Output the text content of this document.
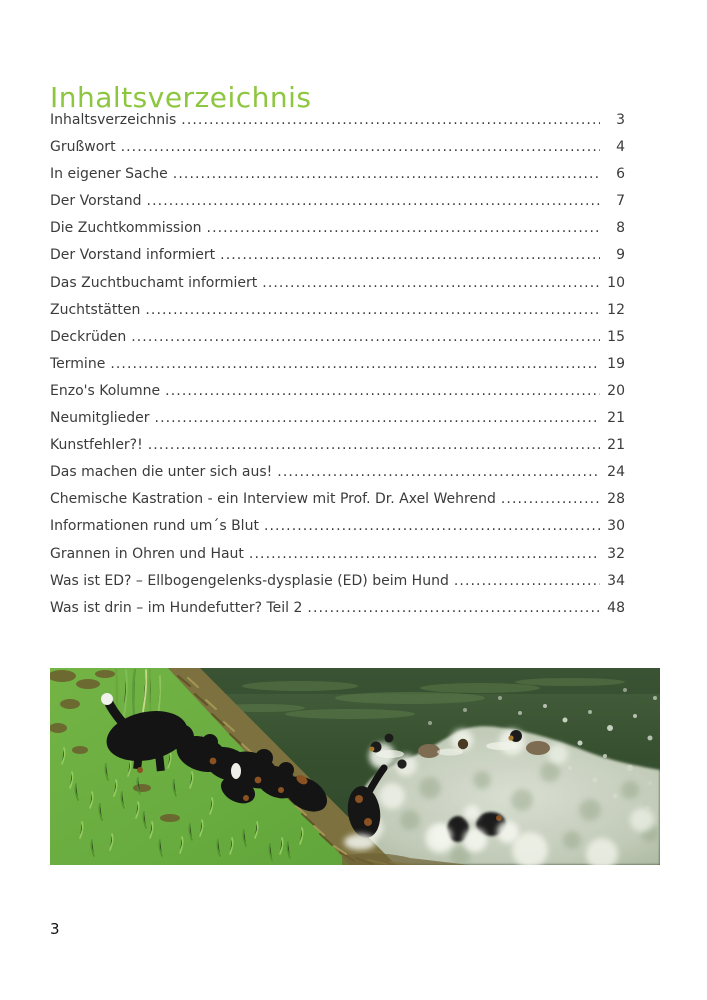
Inhaltsverzeichnis
Inhaltsverzeichnis .....	3
Grußwort .....	4
In eigener Sache .....	6
Der Vorstand .....	7
Die Zuchtkommission .....	8
Der Vorstand informiert .....	9
Das Zuchtbuchamt informiert .....	10
Zuchtstätten .....	12
Deckrüden .....	15
Termine .....	19
Enzo's Kolumne .....	20
Neumitglieder .....	21
Kunstfehler?! .....	21
Das machen die unter sich aus! .....	24
Chemische Kastration - ein Interview mit Prof. Dr. Axel Wehrend .....	28
Informationen rund um´s Blut .....	30
Grannen in Ohren und Haut .....	32
Was ist ED? – Ellbogengelenks-dysplasie (ED) beim Hund .....	34
Was ist drin – im Hundefutter? Teil 2 .....	48
3
